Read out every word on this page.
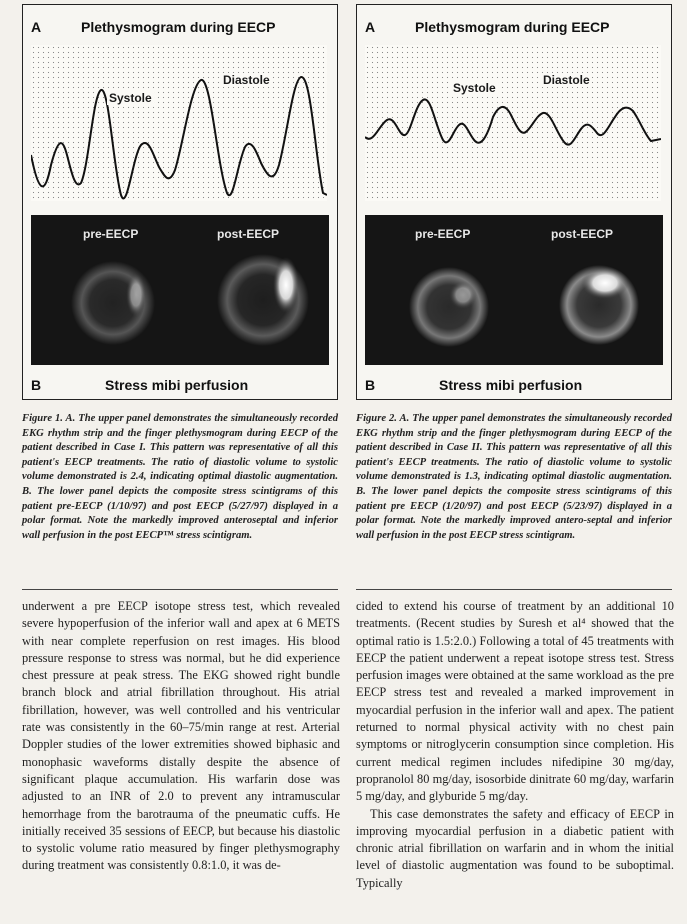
A	Plethysmogram during EECP
Systole
Diastole
pre-EECP	post-EECP
B	Stress mibi perfusion
A	Plethysmogram during EECP
Systole
Diastole
pre-EECP	post-EECP
B	Stress mibi perfusion
Figure 1. A. The upper panel demonstrates the simultaneously recorded EKG rhythm strip and the finger plethysmogram during EECP of the patient described in Case I. This pattern was representative of all this patient's EECP treatments. The ratio of diastolic volume to systolic volume demonstrated is 2.4, indicating optimal diastolic augmentation. B. The lower panel depicts the composite stress scintigrams of this patient pre-EECP (1/10/97) and post EECP (5/27/97) displayed in a polar format. Note the markedly improved anteroseptal and inferior wall perfusion in the post EECP™ stress scintigram.
Figure 2. A. The upper panel demonstrates the simultaneously recorded EKG rhythm strip and the finger plethysmogram during EECP of the patient described in Case II. This pattern was representative of all this patient's EECP treatments. The ratio of diastolic volume to systolic volume demonstrated is 1.3, indicating optimal diastolic augmentation. B. The lower panel depicts the composite stress scintigrams of this patient pre EECP (1/20/97) and post EECP (5/23/97) displayed in a polar format. Note the markedly improved antero-septal and inferior wall perfusion in the post EECP stress scintigram.

underwent a pre EECP isotope stress test, which revealed severe hypoperfusion of the inferior wall and apex at 6 METS with near complete reperfusion on rest images. His blood pressure response to stress was normal, but he did experience chest pressure at peak stress. The EKG showed right bundle branch block and atrial fibrillation throughout. His atrial fibrillation, however, was well controlled and his ventricular rate was consistently in the 60–75/min range at rest. Arterial Doppler studies of the lower extremities showed biphasic and monophasic waveforms distally despite the absence of significant plaque accumulation. His warfarin dose was adjusted to an INR of 2.0 to prevent any intramuscular hemorrhage from the barotrauma of the pneumatic cuffs. He initially received 35 sessions of EECP, but because his diastolic to systolic volume ratio measured by finger plethysmography during treatment was consistently 0.8:1.0, it was de-

cided to extend his course of treatment by an additional 10 treatments. (Recent studies by Suresh et al⁴ showed that the optimal ratio is 1.5:2.0.) Following a total of 45 treatments with EECP the patient underwent a repeat isotope stress test. Stress perfusion images were obtained at the same workload as the pre EECP stress test and revealed a marked improvement in myocardial perfusion in the inferior wall and apex. The patient returned to normal physical activity with no chest pain symptoms or nitroglycerin consumption since completion. His current medical regimen includes nifedipine 30 mg/day, propranolol 80 mg/day, isosorbide dinitrate 60 mg/day, warfarin 5 mg/day, and glyburide 5 mg/day.

This case demonstrates the safety and efficacy of EECP in improving myocardial perfusion in a diabetic patient with chronic atrial fibrillation on warfarin and in whom the initial level of diastolic augmentation was found to be suboptimal. Typically
